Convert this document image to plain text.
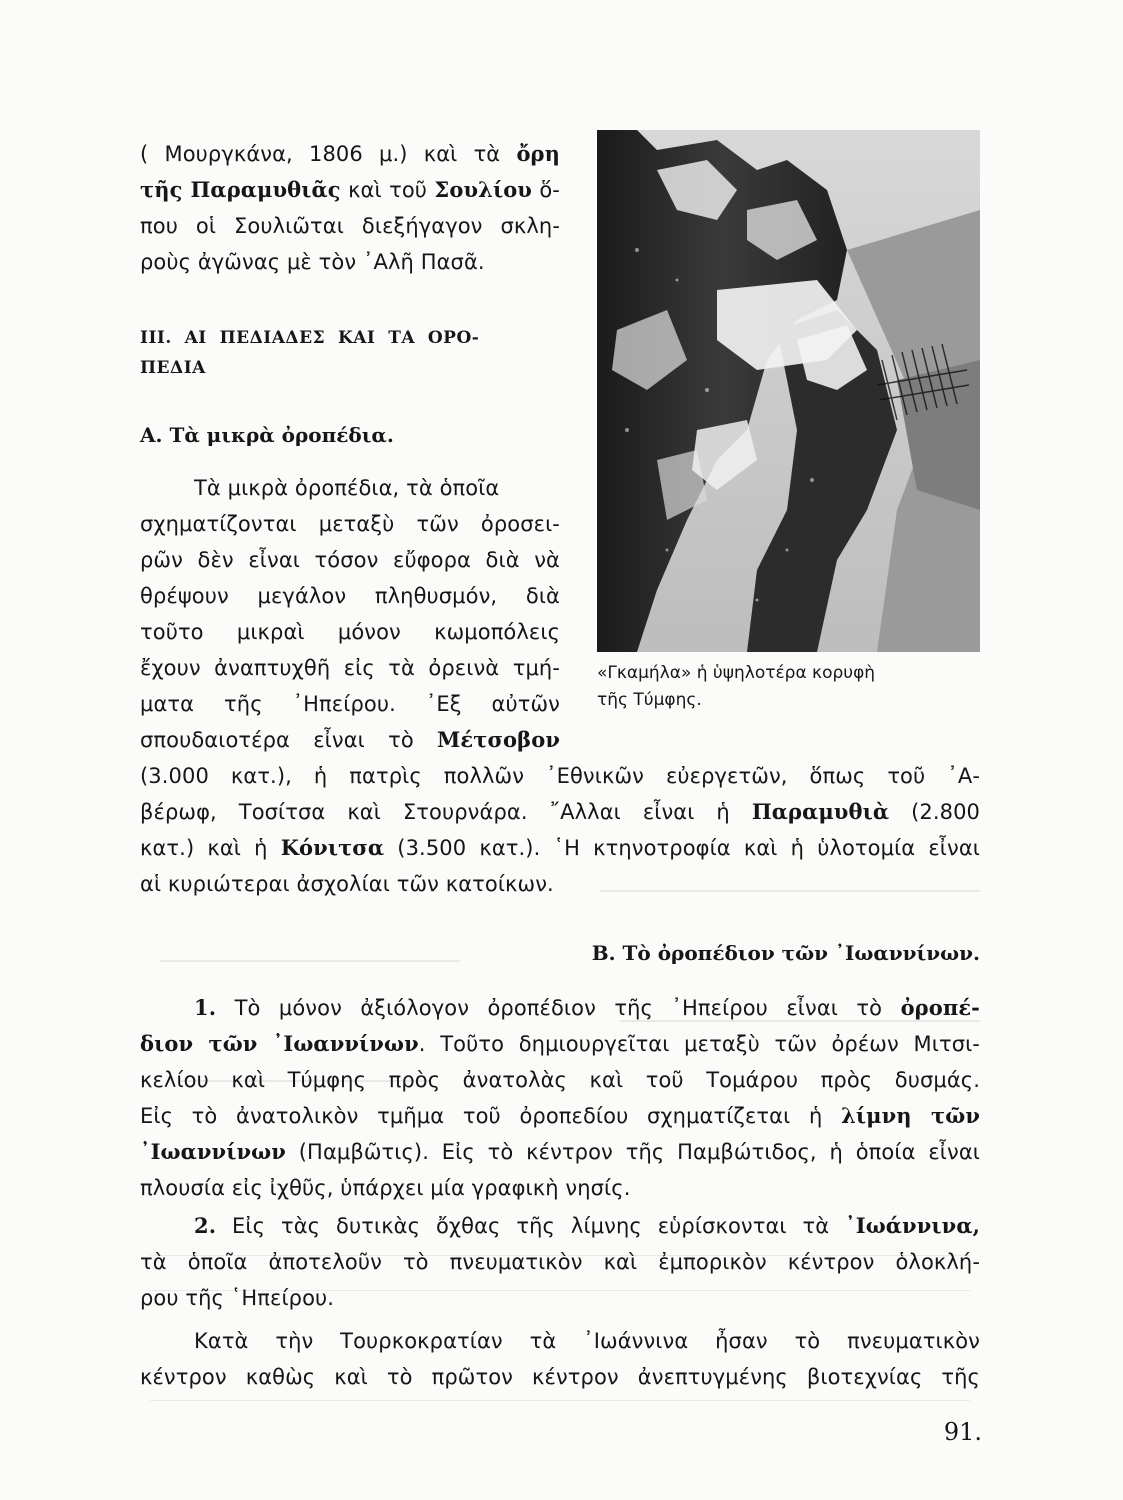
( Μουργκάνα, 1806 μ.) καὶ τὰ ὄρη

τῆς Παραμυθιᾶς καὶ τοῦ Σουλίου ὅ-

που οἱ Σουλιῶται διεξήγαγον σκλη-

ροὺς ἀγῶνας μὲ τὸν ᾿Αλῆ Πασᾶ.

III.  ΑΙ  ΠΕΔΙΑΔΕΣ  ΚΑΙ  ΤΑ  ΟΡΟ-

ΠΕΔΙΑ

Α. Τὰ μικρὰ ὀροπέδια.

Τὰ μικρὰ ὀροπέδια, τὰ ὁποῖα

σχηματίζονται μεταξὺ τῶν ὀροσει-

ρῶν δὲν εἶναι τόσον εὔφορα διὰ νὰ

θρέψουν μεγάλον πληθυσμόν, διὰ

τοῦτο μικραὶ μόνον κωμοπόλεις

ἔχουν ἀναπτυχθῆ εἰς τὰ ὀρεινὰ τμή-

ματα τῆς ᾿Ηπείρου. ᾿Εξ αὐτῶν

σπουδαιοτέρα εἶναι τὸ Μέτσοβον

(3.000 κατ.), ἡ πατρὶς πολλῶν ᾿Εθνικῶν εὐεργετῶν, ὅπως τοῦ ᾿Α-

βέρωφ, Τοσίτσα καὶ Στουρνάρα. ῎Αλλαι εἶναι ἡ Παραμυθιὰ (2.800

κατ.) καὶ ἡ Κόνιτσα (3.500 κατ.). ῾Η κτηνοτροφία καὶ ἡ ὑλοτομία εἶναι

αἱ κυριώτεραι ἀσχολίαι τῶν κατοίκων.

«Γκαμήλα» ἡ ὑψηλοτέρα κορυφὴ
τῆς Τύμφης.

Β. Τὸ ὀροπέδιον τῶν ᾿Ιωαννίνων.

1. Τὸ μόνον ἀξιόλογον ὀροπέδιον τῆς ᾿Ηπείρου εἶναι τὸ ὀροπέ-

διον τῶν ᾿Ιωαννίνων. Τοῦτο δημιουργεῖται μεταξὺ τῶν ὀρέων Μιτσι-

κελίου καὶ Τύμφης πρὸς ἀνατολὰς καὶ τοῦ Τομάρου πρὸς δυσμάς.

Εἰς τὸ ἀνατολικὸν τμῆμα τοῦ ὀροπεδίου σχηματίζεται ἡ λίμνη τῶν

᾿Ιωαννίνων (Παμβῶτις). Εἰς τὸ κέντρον τῆς Παμβώτιδος, ἡ ὁποία εἶναι

πλουσία εἰς ἰχθῦς, ὑπάρχει μία γραφικὴ νησίς.

2. Εἰς τὰς δυτικὰς ὄχθας τῆς λίμνης εὑρίσκονται τὰ ᾿Ιωάννινα,

τὰ ὁποῖα ἀποτελοῦν τὸ πνευματικὸν καὶ ἐμπορικὸν κέντρον ὁλοκλή-

ρου τῆς ῾Ηπείρου.

Κατὰ τὴν Τουρκοκρατίαν τὰ ᾿Ιωάννινα ἦσαν τὸ πνευματικὸν

κέντρον καθὼς καὶ τὸ πρῶτον κέντρον ἀνεπτυγμένης βιοτεχνίας τῆς

91.
